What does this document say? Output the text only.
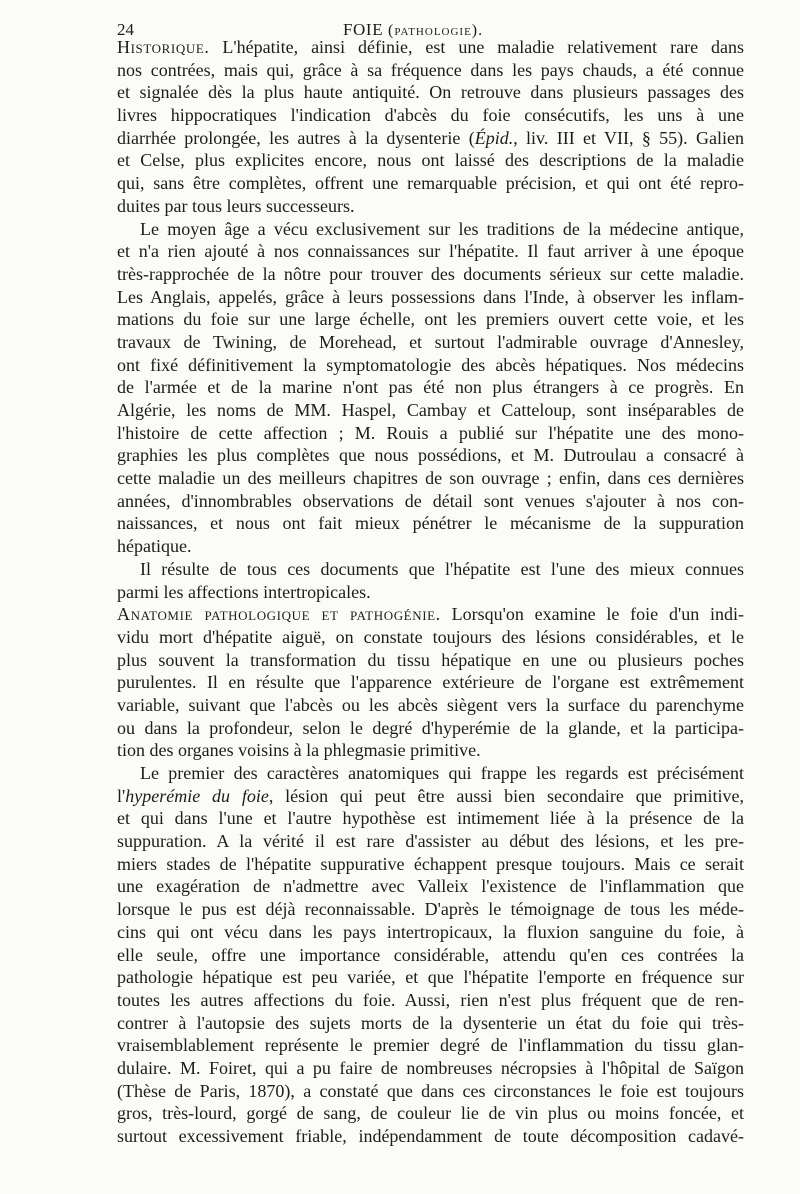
24	FOIE (pathologie).
Historique. L'hépatite, ainsi définie, est une maladie relativement rare dans
nos contrées, mais qui, grâce à sa fréquence dans les pays chauds, a été connue
et signalée dès la plus haute antiquité. On retrouve dans plusieurs passages des
livres hippocratiques l'indication d'abcès du foie consécutifs, les uns à une
diarrhée prolongée, les autres à la dysenterie (Épid., liv. III et VII, § 55). Galien
et Celse, plus explicites encore, nous ont laissé des descriptions de la maladie
qui, sans être complètes, offrent une remarquable précision, et qui ont été repro-
duites par tous leurs successeurs.
Le moyen âge a vécu exclusivement sur les traditions de la médecine antique,
et n'a rien ajouté à nos connaissances sur l'hépatite. Il faut arriver à une époque
très-rapprochée de la nôtre pour trouver des documents sérieux sur cette maladie.
Les Anglais, appelés, grâce à leurs possessions dans l'Inde, à observer les inflam-
mations du foie sur une large échelle, ont les premiers ouvert cette voie, et les
travaux de Twining, de Morehead, et surtout l'admirable ouvrage d'Annesley,
ont fixé définitivement la symptomatologie des abcès hépatiques. Nos médecins
de l'armée et de la marine n'ont pas été non plus étrangers à ce progrès. En
Algérie, les noms de MM. Haspel, Cambay et Catteloup, sont inséparables de
l'histoire de cette affection ; M. Rouis a publié sur l'hépatite une des mono-
graphies les plus complètes que nous possédions, et M. Dutroulau a consacré à
cette maladie un des meilleurs chapitres de son ouvrage ; enfin, dans ces dernières
années, d'innombrables observations de détail sont venues s'ajouter à nos con-
naissances, et nous ont fait mieux pénétrer le mécanisme de la suppuration
hépatique.
Il résulte de tous ces documents que l'hépatite est l'une des mieux connues
parmi les affections intertropicales.
Anatomie pathologique et pathogénie. Lorsqu'on examine le foie d'un indi-
vidu mort d'hépatite aiguë, on constate toujours des lésions considérables, et le
plus souvent la transformation du tissu hépatique en une ou plusieurs poches
purulentes. Il en résulte que l'apparence extérieure de l'organe est extrêmement
variable, suivant que l'abcès ou les abcès siègent vers la surface du parenchyme
ou dans la profondeur, selon le degré d'hyperémie de la glande, et la participa-
tion des organes voisins à la phlegmasie primitive.
Le premier des caractères anatomiques qui frappe les regards est précisément
l'hyperémie du foie, lésion qui peut être aussi bien secondaire que primitive,
et qui dans l'une et l'autre hypothèse est intimement liée à la présence de la
suppuration. A la vérité il est rare d'assister au début des lésions, et les pre-
miers stades de l'hépatite suppurative échappent presque toujours. Mais ce serait
une exagération de n'admettre avec Valleix l'existence de l'inflammation que
lorsque le pus est déjà reconnaissable. D'après le témoignage de tous les méde-
cins qui ont vécu dans les pays intertropicaux, la fluxion sanguine du foie, à
elle seule, offre une importance considérable, attendu qu'en ces contrées la
pathologie hépatique est peu variée, et que l'hépatite l'emporte en fréquence sur
toutes les autres affections du foie. Aussi, rien n'est plus fréquent que de ren-
contrer à l'autopsie des sujets morts de la dysenterie un état du foie qui très-
vraisemblablement représente le premier degré de l'inflammation du tissu glan-
dulaire. M. Foiret, qui a pu faire de nombreuses nécropsies à l'hôpital de Saïgon
(Thèse de Paris, 1870), a constaté que dans ces circonstances le foie est toujours
gros, très-lourd, gorgé de sang, de couleur lie de vin plus ou moins foncée, et
surtout excessivement friable, indépendamment de toute décomposition cadavé-
